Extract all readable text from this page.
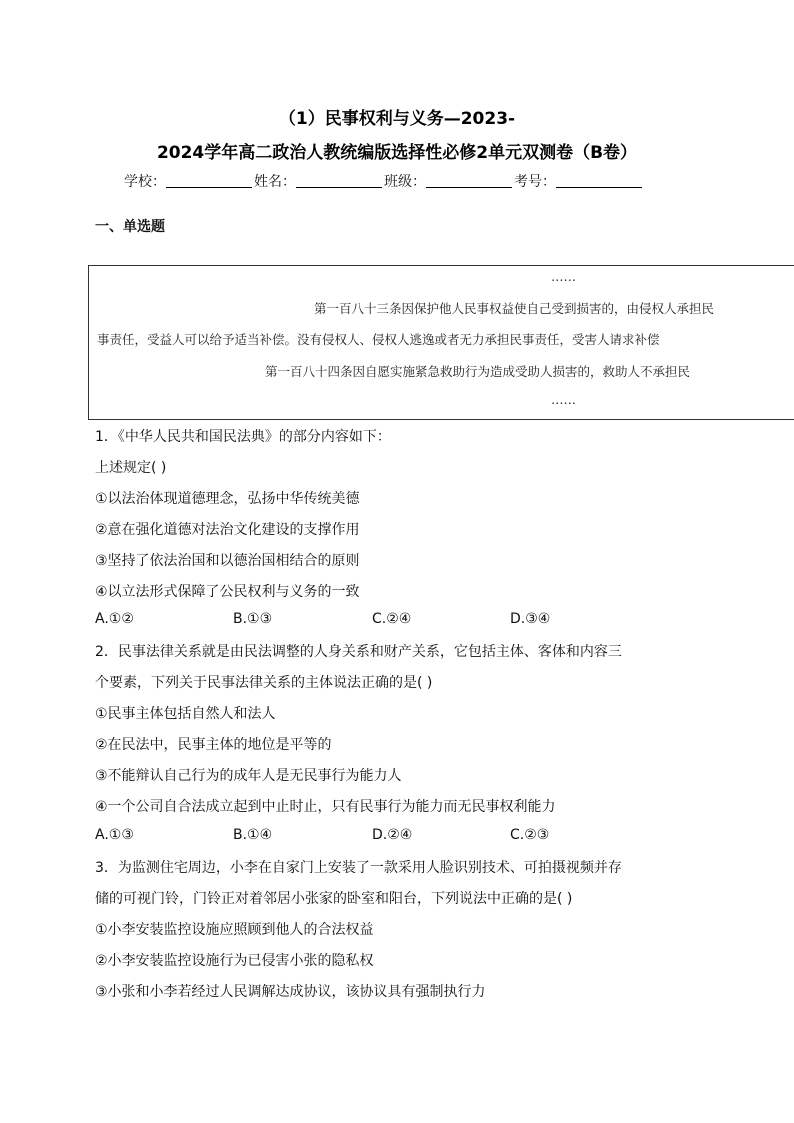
（1）民事权利与义务—2023-
2024学年高二政治人教统编版选择性必修2单元双测卷（B卷）
学校：	姓名：	班级：	考号：
一、单选题
……
第一百八十三条因保护他人民事权益使自己受到损害的，由侵权人承担民
事责任，受益人可以给予适当补偿。没有侵权人、侵权人逃逸或者无力承担民事责任，受害人请求补偿
第一百八十四条因自愿实施紧急救助行为造成受助人损害的，救助人不承担民
……
1．《中华人民共和国民法典》的部分内容如下：
上述规定( )
①以法治体现道德理念，弘扬中华传统美德
②意在强化道德对法治文化建设的支撑作用
③坚持了依法治国和以德治国相结合的原则
④以立法形式保障了公民权利与义务的一致
A.①②	B.①③	C.②④	D.③④
2．民事法律关系就是由民法调整的人身关系和财产关系，它包括主体、客体和内容三
个要素，下列关于民事法律关系的主体说法正确的是( )
①民事主体包括自然人和法人
②在民法中，民事主体的地位是平等的
③不能辩认自己行为的成年人是无民事行为能力人
④一个公司自合法成立起到中止时止，只有民事行为能力而无民事权利能力
A.①③	B.①④	D.②④	C.②③
3．为监测住宅周边，小李在自家门上安装了一款采用人脸识别技术、可拍摄视频并存
储的可视门铃，门铃正对着邻居小张家的卧室和阳台，下列说法中正确的是( )
①小李安装监控设施应照顾到他人的合法权益
②小李安装监控设施行为已侵害小张的隐私权
③小张和小李若经过人民调解达成协议，该协议具有强制执行力
